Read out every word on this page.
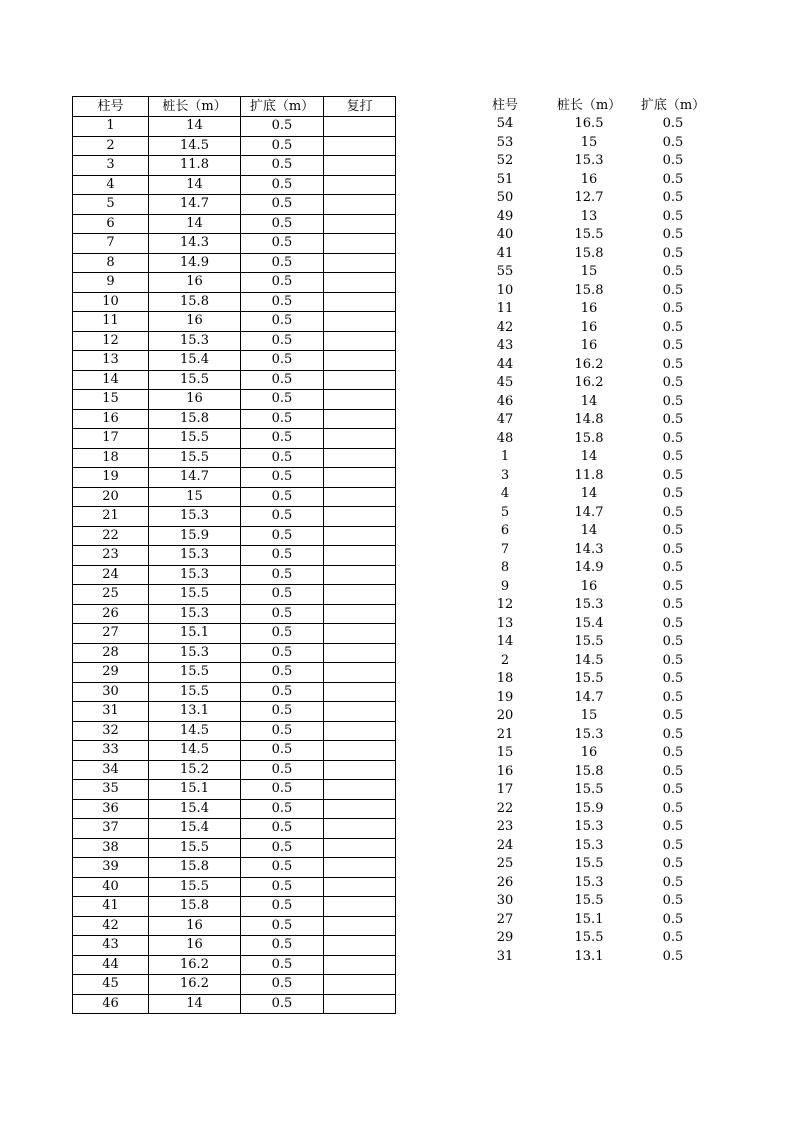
柱号	桩长（m）	扩底（m）	复打
1	14	0.5	
2	14.5	0.5	
3	11.8	0.5	
4	14	0.5	
5	14.7	0.5	
6	14	0.5	
7	14.3	0.5	
8	14.9	0.5	
9	16	0.5	
10	15.8	0.5	
11	16	0.5	
12	15.3	0.5	
13	15.4	0.5	
14	15.5	0.5	
15	16	0.5	
16	15.8	0.5	
17	15.5	0.5	
18	15.5	0.5	
19	14.7	0.5	
20	15	0.5	
21	15.3	0.5	
22	15.9	0.5	
23	15.3	0.5	
24	15.3	0.5	
25	15.5	0.5	
26	15.3	0.5	
27	15.1	0.5	
28	15.3	0.5	
29	15.5	0.5	
30	15.5	0.5	
31	13.1	0.5	
32	14.5	0.5	
33	14.5	0.5	
34	15.2	0.5	
35	15.1	0.5	
36	15.4	0.5	
37	15.4	0.5	
38	15.5	0.5	
39	15.8	0.5	
40	15.5	0.5	
41	15.8	0.5	
42	16	0.5	
43	16	0.5	
44	16.2	0.5	
45	16.2	0.5	
46	14	0.5	
柱号	桩长（m）	扩底（m）
54	16.5	0.5
53	15	0.5
52	15.3	0.5
51	16	0.5
50	12.7	0.5
49	13	0.5
40	15.5	0.5
41	15.8	0.5
55	15	0.5
10	15.8	0.5
11	16	0.5
42	16	0.5
43	16	0.5
44	16.2	0.5
45	16.2	0.5
46	14	0.5
47	14.8	0.5
48	15.8	0.5
1	14	0.5
3	11.8	0.5
4	14	0.5
5	14.7	0.5
6	14	0.5
7	14.3	0.5
8	14.9	0.5
9	16	0.5
12	15.3	0.5
13	15.4	0.5
14	15.5	0.5
2	14.5	0.5
18	15.5	0.5
19	14.7	0.5
20	15	0.5
21	15.3	0.5
15	16	0.5
16	15.8	0.5
17	15.5	0.5
22	15.9	0.5
23	15.3	0.5
24	15.3	0.5
25	15.5	0.5
26	15.3	0.5
30	15.5	0.5
27	15.1	0.5
29	15.5	0.5
31	13.1	0.5
